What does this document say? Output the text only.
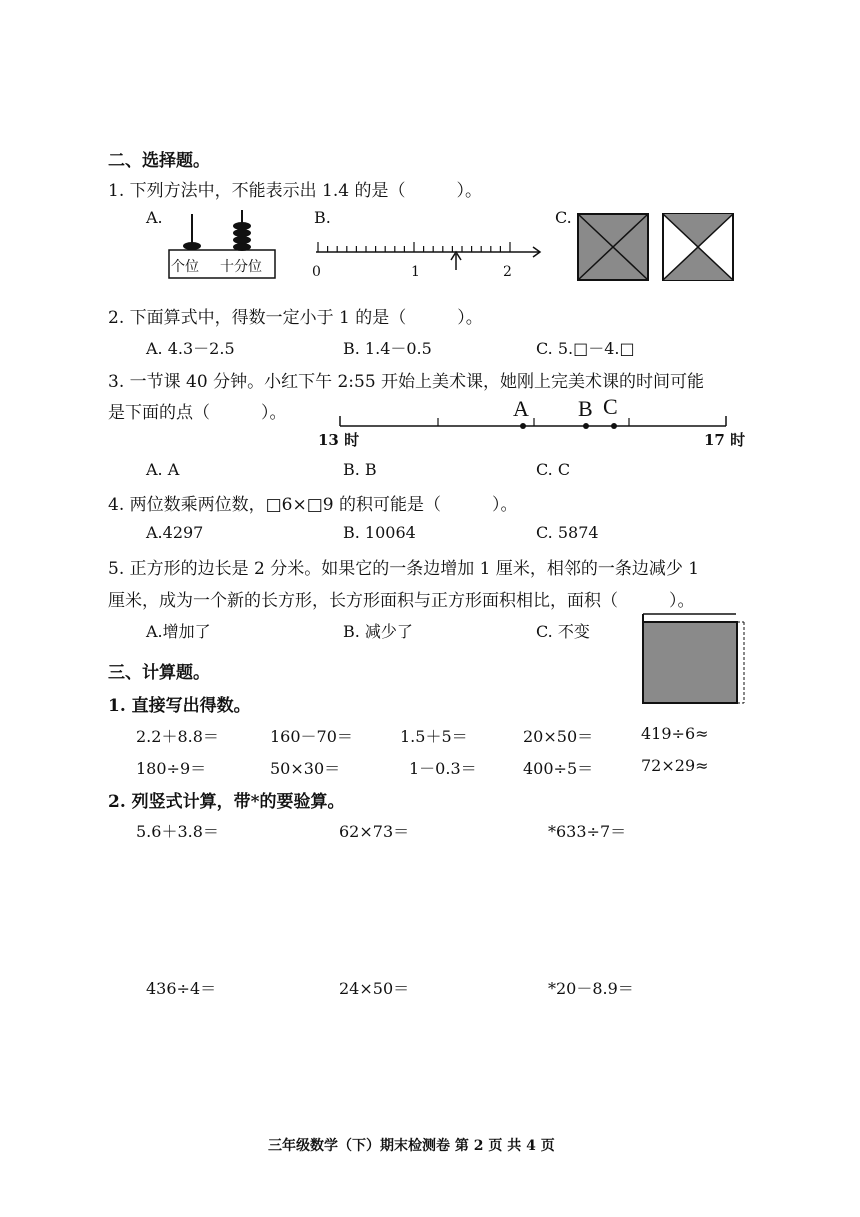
二、选择题。
1. 下列方法中，不能表示出 1.4 的是（　　　）。
A.
个位 十分位
B.
0	1	2
C.
2. 下面算式中，得数一定小于 1 的是（　　　）。
A. 4.3－2.5	B. 1.4－0.5	C. 5.□－4.□
3. 一节课 40 分钟。小红下午 2:55 开始上美术课，她刚上完美术课的时间可能
是下面的点（　　　）。	A B C
13 时	17 时
A. A	B. B	C. C
4. 两位数乘两位数，□6×□9 的积可能是（　　　）。
A.4297	B. 10064	C. 5874
5. 正方形的边长是 2 分米。如果它的一条边增加 1 厘米，相邻的一条边减少 1
厘米，成为一个新的长方形，长方形面积与正方形面积相比，面积（　　　）。
A.增加了	B. 减少了	C. 不变
三、计算题。
1. 直接写出得数。
2.2＋8.8＝	160－70＝	1.5＋5＝	20×50＝	419÷6≈
180÷9＝	50×30＝	1－0.3＝	400÷5＝	72×29≈
2. 列竖式计算，带*的要验算。
5.6＋3.8＝	62×73＝	*633÷7＝
436÷4＝	24×50＝	*20－8.9＝
三年级数学（下）期末检测卷 第 2 页 共 4 页
